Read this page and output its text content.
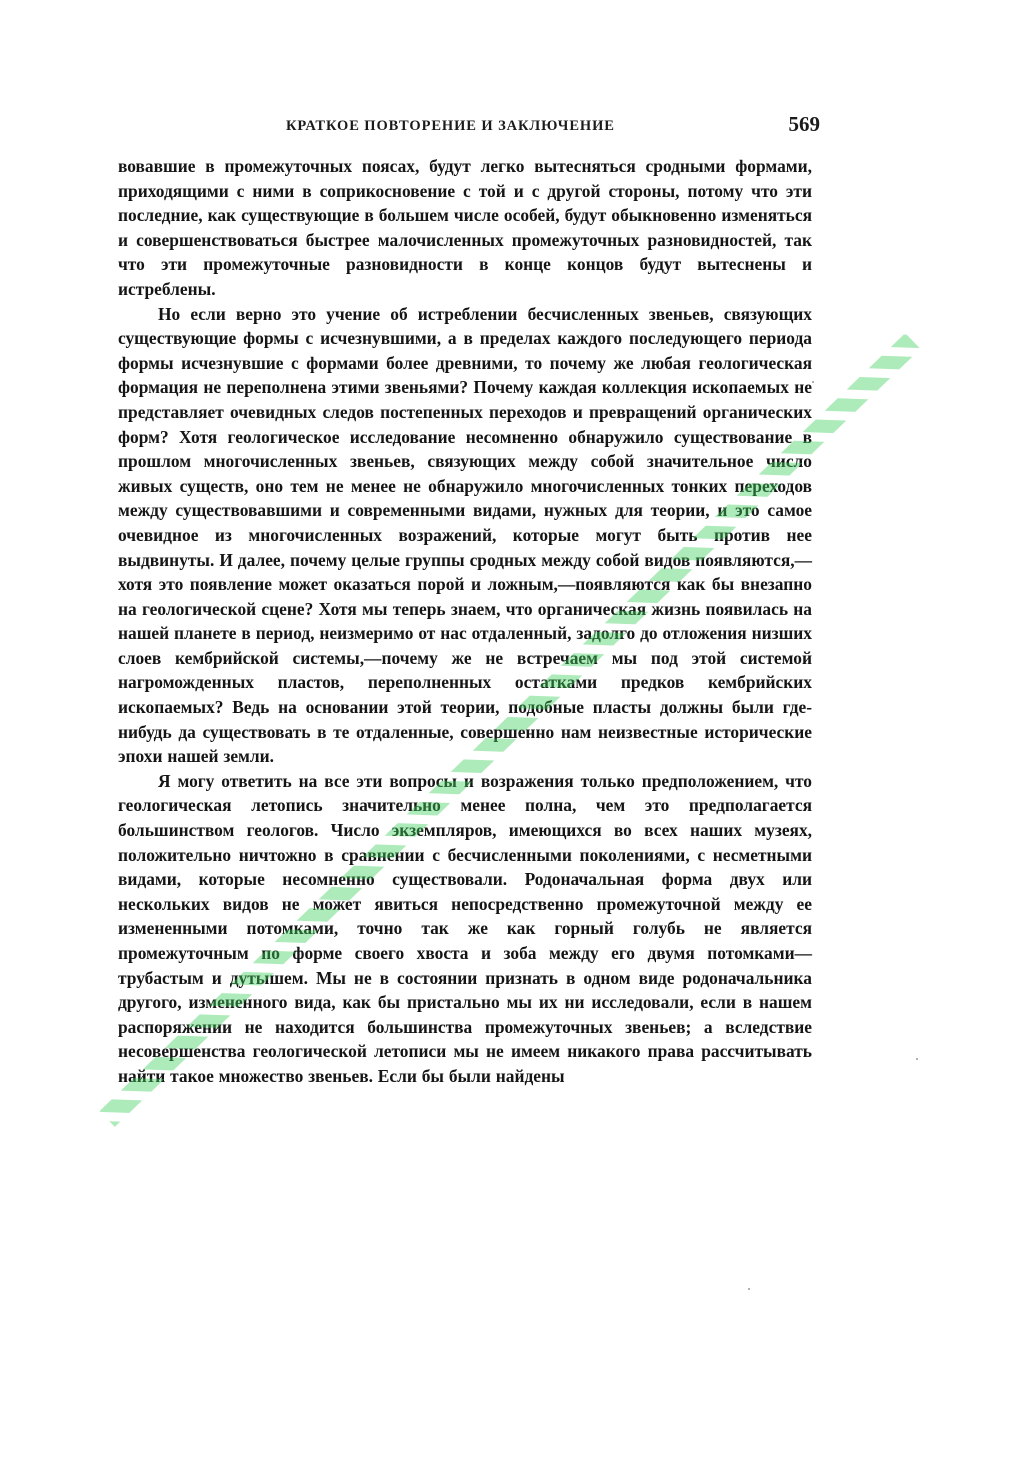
КРАТКОЕ ПОВТОРЕНИЕ И ЗАКЛЮЧЕНИЕ	569

вовавшие в промежуточных поясах, будут легко вытесняться сродными формами, приходящими с ними в соприкосновение с той и с другой стороны, потому что эти последние, как существующие в большем числе особей, будут обыкновенно изменяться и совершенствоваться быстрее малочисленных промежуточных разновидностей, так что эти промежуточные разновидности в конце концов будут вытеснены и истреблены.

Но если верно это учение об истреблении бесчисленных звеньев, связующих существующие формы с исчезнувшими, а в пределах каждого последующего периода формы исчезнувшие с формами более древними, то почему же любая геологическая формация не переполнена этими звеньями? Почему каждая коллекция ископаемых не представляет очевидных следов постепенных переходов и превращений органических форм? Хотя геологическое исследование несомненно обнаружило существование в прошлом многочисленных звеньев, связующих между собой значительное число живых существ, оно тем не менее не обнаружило многочисленных тонких переходов между существовавшими и современными видами, нужных для теории, и это самое очевидное из многочисленных возражений, которые могут быть против нее выдвинуты. И далее, почему целые группы сродных между собой видов появляются,—хотя это появление может оказаться порой и ложным,—появляются как бы внезапно на геологической сцене? Хотя мы теперь знаем, что органическая жизнь появилась на нашей планете в период, неизмеримо от нас отдаленный, задолго до отложения низших слоев кембрийской системы,—почему же не встречаем мы под этой системой нагроможденных пластов, переполненных остатками предков кембрийских ископаемых? Ведь на основании этой теории, подобные пласты должны были где-нибудь да существовать в те отдаленные, совершенно нам неизвестные исторические эпохи нашей земли.

Я могу ответить на все эти вопросы и возражения только предположением, что геологическая летопись значительно менее полна, чем это предполагается большинством геологов. Число экземпляров, имеющихся во всех наших музеях, положительно ничтожно в сравнении с бесчисленными поколениями, с несметными видами, которые несомненно существовали. Родоначальная форма двух или нескольких видов не может явиться непосредственно промежуточной между ее измененными потомками, точно так же как горный голубь не является промежуточным по форме своего хвоста и зоба между его двумя потомками—трубастым и дутышем. Мы не в состоянии признать в одном виде родоначальника другого, измененного вида, как бы пристально мы их ни исследовали, если в нашем распоряжении не находится большинства промежуточных звеньев; а вследствие несовершенства геологической летописи мы не имеем никакого права рассчитывать найти такое множество звеньев. Если бы были найдены
